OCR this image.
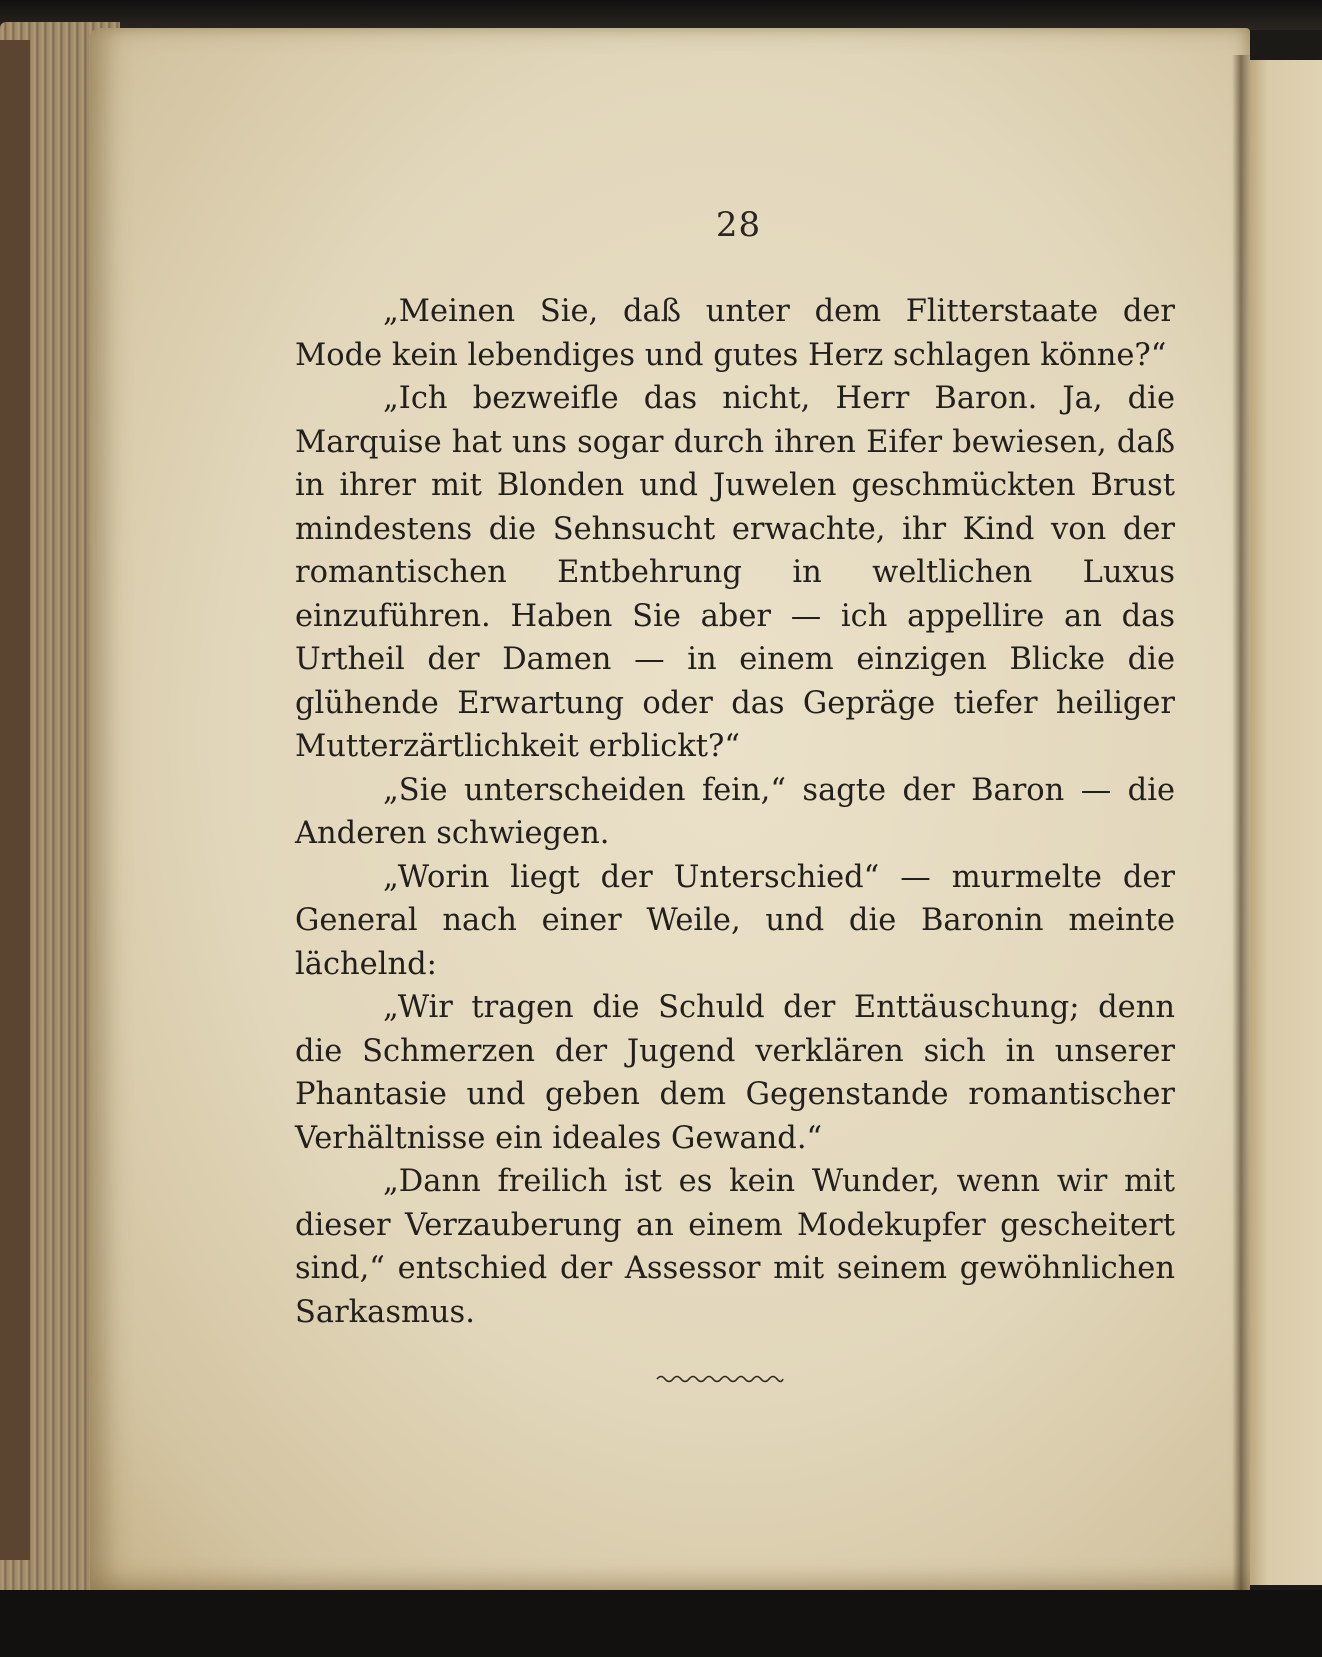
28

„Meinen Sie, daß unter dem Flitterstaate der Mode kein lebendiges und gutes Herz schlagen könne?“

„Ich bezweifle das nicht, Herr Baron. Ja, die Marquise hat uns sogar durch ihren Eifer bewiesen, daß in ihrer mit Blonden und Juwelen geschmückten Brust mindestens die Sehnsucht erwachte, ihr Kind von der romantischen Entbehrung in weltlichen Luxus einzuführen. Haben Sie aber — ich appellire an das Urtheil der Damen — in einem einzigen Blicke die glühende Erwartung oder das Gepräge tiefer heiliger Mutterzärtlichkeit erblickt?“

„Sie unterscheiden fein,“ sagte der Baron — die Anderen schwiegen.

„Worin liegt der Unterschied“ — murmelte der General nach einer Weile, und die Baronin meinte lächelnd:

„Wir tragen die Schuld der Enttäuschung; denn die Schmerzen der Jugend verklären sich in unserer Phantasie und geben dem Gegenstande romantischer Verhältnisse ein ideales Gewand.“

„Dann freilich ist es kein Wunder, wenn wir mit dieser Verzauberung an einem Modekupfer gescheitert sind,“ entschied der Assessor mit seinem gewöhnlichen Sarkasmus.
